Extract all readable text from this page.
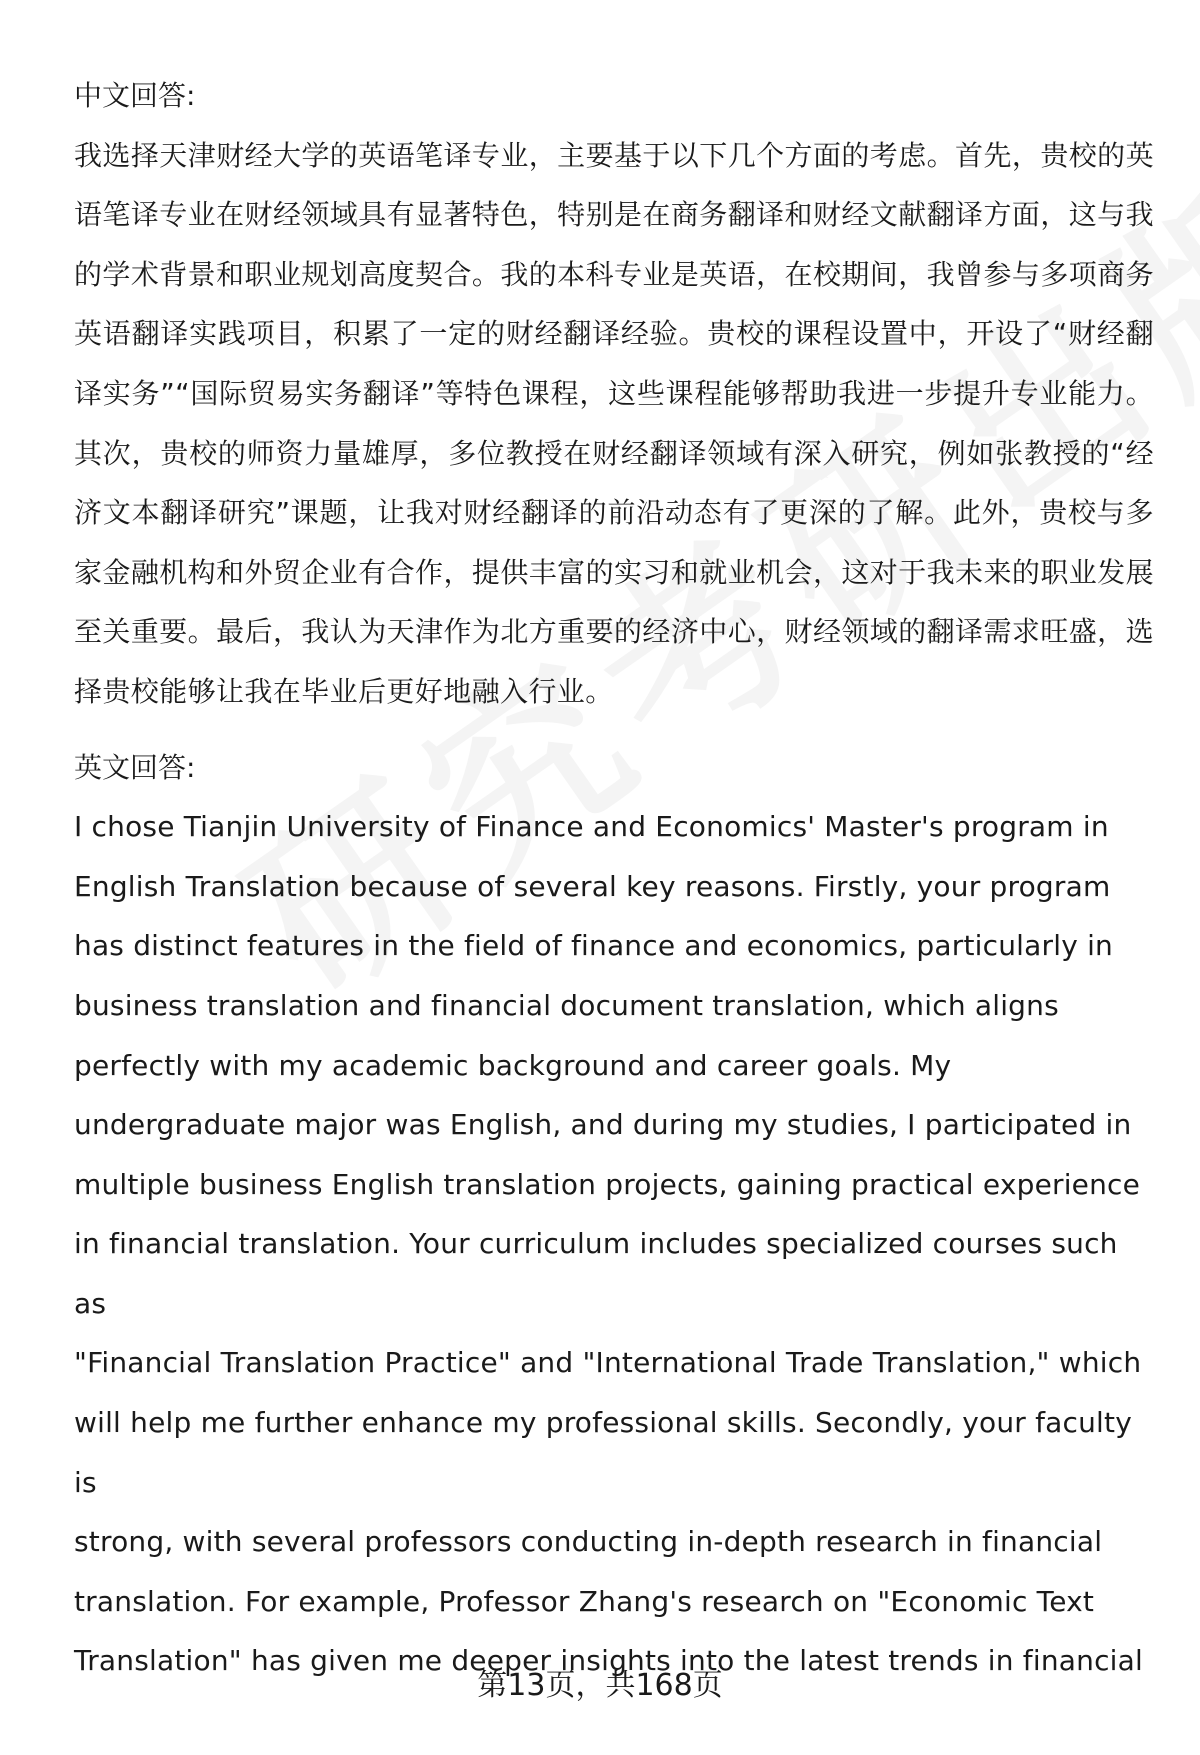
中文回答:

我选择天津财经大学的英语笔译专业，主要基于以下几个方面的考虑。首先，贵校的英语笔译专业在财经领域具有显著特色，特别是在商务翻译和财经文献翻译方面，这与我的学术背景和职业规划高度契合。我的本科专业是英语，在校期间，我曾参与多项商务英语翻译实践项目，积累了一定的财经翻译经验。贵校的课程设置中，开设了“财经翻译实务”“国际贸易实务翻译”等特色课程，这些课程能够帮助我进一步提升专业能力。其次，贵校的师资力量雄厚，多位教授在财经翻译领域有深入研究，例如张教授的“经济文本翻译研究”课题，让我对财经翻译的前沿动态有了更深的了解。此外，贵校与多家金融机构和外贸企业有合作，提供丰富的实习和就业机会，这对于我未来的职业发展至关重要。最后，我认为天津作为北方重要的经济中心，财经领域的翻译需求旺盛，选择贵校能够让我在毕业后更好地融入行业。

英文回答:

I chose Tianjin University of Finance and Economics' Master's program in
English Translation because of several key reasons. Firstly, your program
has distinct features in the field of finance and economics, particularly in
business translation and financial document translation, which aligns
perfectly with my academic background and career goals. My
undergraduate major was English, and during my studies, I participated in
multiple business English translation projects, gaining practical experience
in financial translation. Your curriculum includes specialized courses such as
"Financial Translation Practice" and "International Trade Translation," which
will help me further enhance my professional skills. Secondly, your faculty is
strong, with several professors conducting in-depth research in financial
translation. For example, Professor Zhang's research on "Economic Text
Translation" has given me deeper insights into the latest trends in financial
第13页，共168页
